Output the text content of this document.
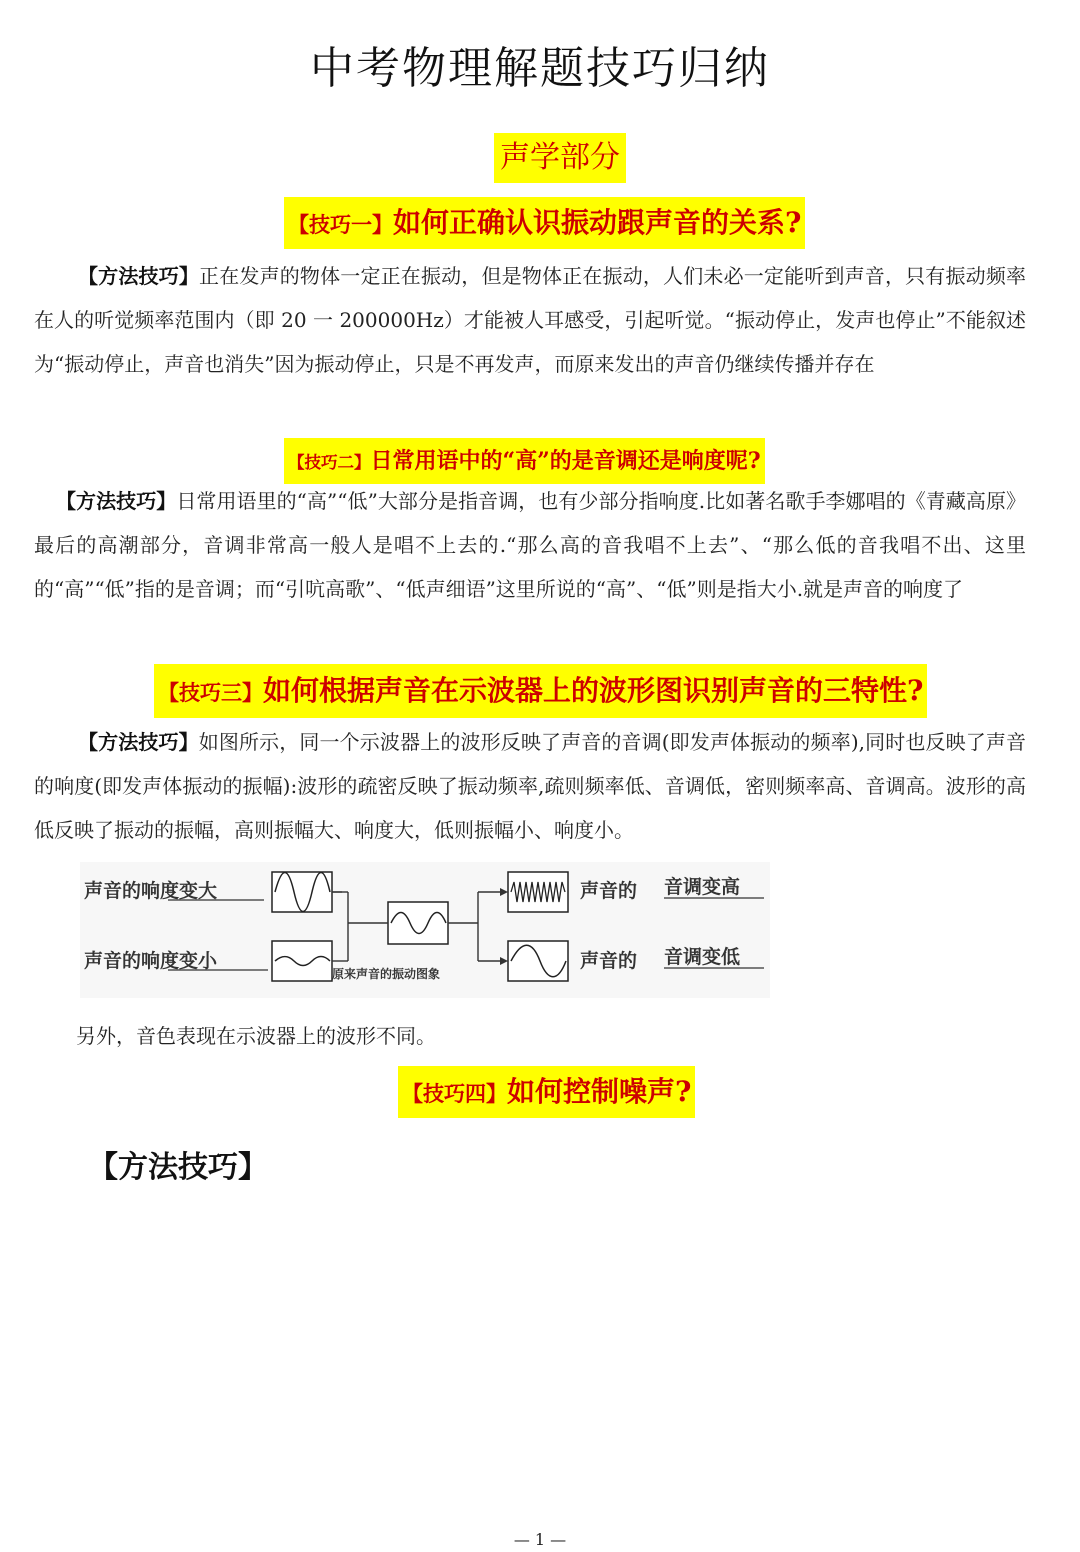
中考物理解题技巧归纳
声学部分
【技巧一】如何正确认识振动跟声音的关系?

【方法技巧】正在发声的物体一定正在振动，但是物体正在振动，人们未必一定能听到声音，只有振动频率在人的听觉频率范围内（即 20 一 200000Hz）才能被人耳感受，引起听觉。“振动停止，发声也停止”不能叙述为“振动停止，声音也消失”因为振动停止，只是不再发声，而原来发出的声音仍继续传播并存在

【技巧二】日常用语中的“高”的是音调还是响度呢?

【方法技巧】日常用语里的“高”“低”大部分是指音调，也有少部分指响度.比如著名歌手李娜唱的《青藏高原》最后的高潮部分，音调非常高一般人是唱不上去的.“那么高的音我唱不上去”、“那么低的音我唱不出、这里的“高”“低”指的是音调；而“引吭高歌”、“低声细语”这里所说的“高”、“低”则是指大小.就是声音的响度了

【技巧三】如何根据声音在示波器上的波形图识别声音的三特性?

【方法技巧】如图所示，同一个示波器上的波形反映了声音的音调(即发声体振动的频率),同时也反映了声音的响度(即发声体振动的振幅):波形的疏密反映了振动频率,疏则频率低、音调低，密则频率高、音调高。波形的高低反映了振动的振幅，高则振幅大、响度大，低则振幅小、响度小。

声音的响度变大
声音的响度变小
原来声音的振动图象
声音的 音调变高
声音的 音调变低
另外，音色表现在示波器上的波形不同。
【技巧四】如何控制噪声?
【方法技巧】
— 1 —
